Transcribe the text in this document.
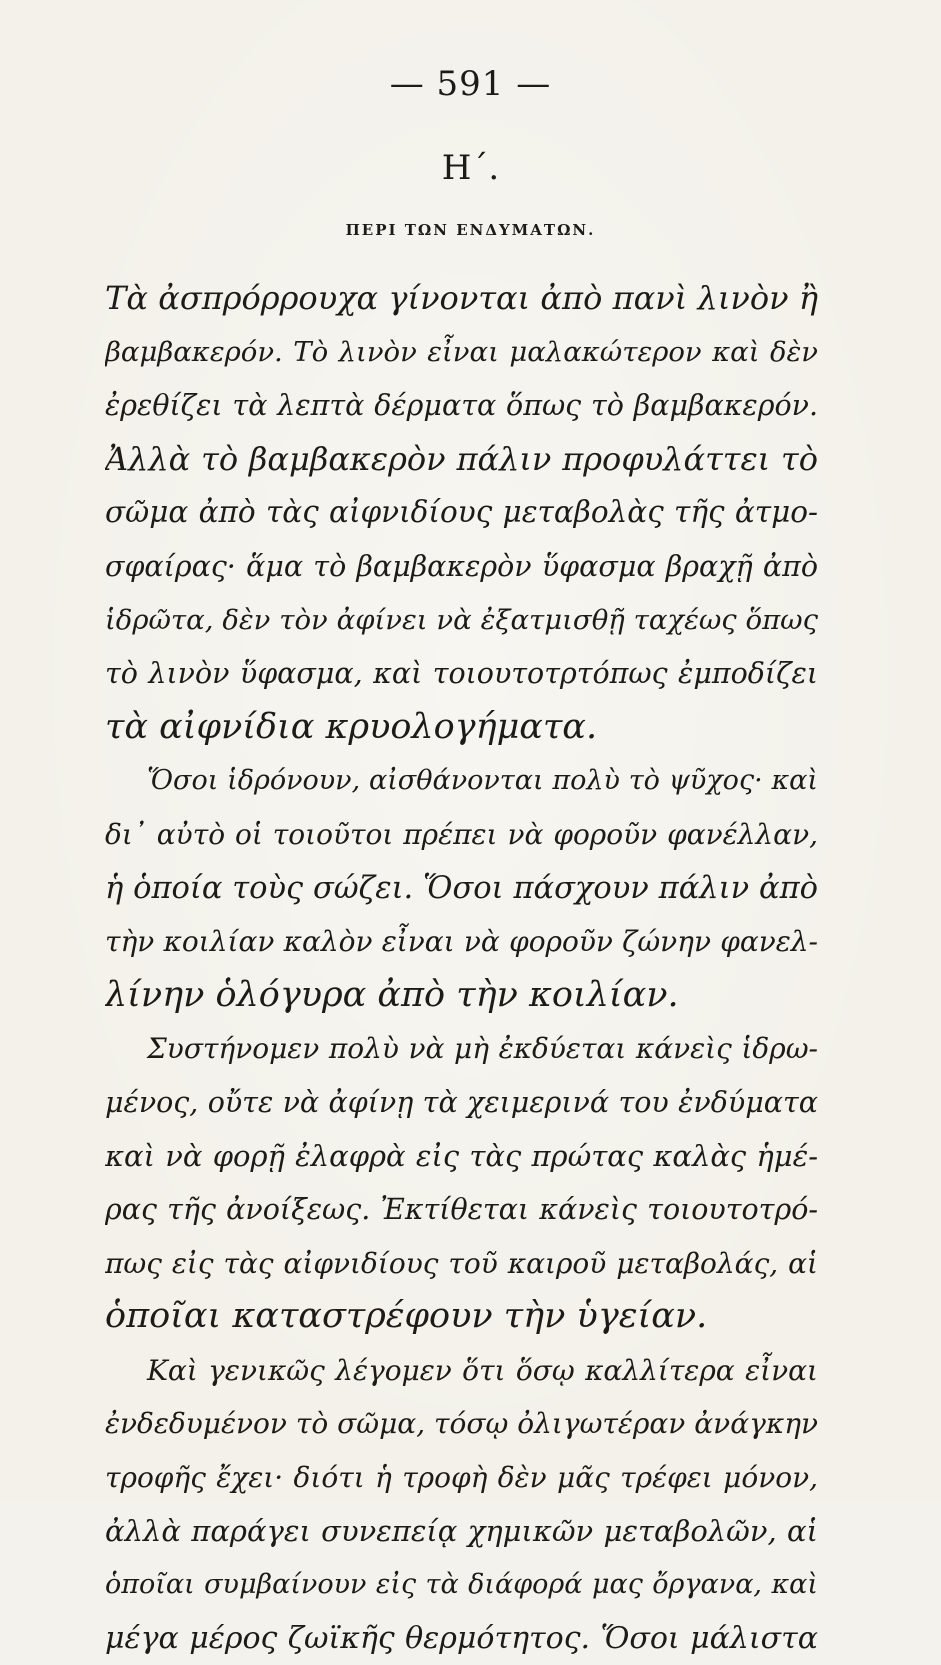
— 591 —
Η΄.
ΠΕΡΙ ΤΩΝ ΕΝΔΥΜΑΤΩΝ.
Τὰ ἀσπρόρρουχα γίνονται ἀπὸ πανὶ λινὸν ἢ
βαμβακερόν. Τὸ λινὸν εἶναι μαλακώτερον καὶ δὲν
ἐρεθίζει τὰ λεπτὰ δέρματα ὅπως τὸ βαμβακερόν.
Ἀλλὰ τὸ βαμβακερὸν πάλιν προφυλάττει τὸ
σῶμα ἀπὸ τὰς αἰφνιδίους μεταβολὰς τῆς ἀτμο-
σφαίρας· ἅμα τὸ βαμβακερὸν ὕφασμα βραχῇ ἀπὸ
ἱδρῶτα, δὲν τὸν ἀφίνει νὰ ἐξατμισθῇ ταχέως ὅπως
τὸ λινὸν ὕφασμα, καὶ τοιουτοτρτόπως ἐμποδίζει
τὰ αἰφνίδια κρυολογήματα.
Ὅσοι ἱδρόνουν, αἰσθάνονται πολὺ τὸ ψῦχος· καὶ
δι᾽ αὐτὸ οἱ τοιοῦτοι πρέπει νὰ φοροῦν φανέλλαν,
ἡ ὁποία τοὺς σώζει. Ὅσοι πάσχουν πάλιν ἀπὸ
τὴν κοιλίαν καλὸν εἶναι νὰ φοροῦν ζώνην φανελ-
λίνην ὁλόγυρα ἀπὸ τὴν κοιλίαν.
Συστήνομεν πολὺ νὰ μὴ ἐκδύεται κάνεὶς ἱδρω-
μένος, οὔτε νὰ ἀφίνῃ τὰ χειμερινά του ἐνδύματα
καὶ νὰ φορῇ ἐλαφρὰ εἰς τὰς πρώτας καλὰς ἡμέ-
ρας τῆς ἀνοίξεως. Ἐκτίθεται κάνεὶς τοιουτοτρό-
πως εἰς τὰς αἰφνιδίους τοῦ καιροῦ μεταβολάς, αἱ
ὁποῖαι καταστρέφουν τὴν ὑγείαν.
Καὶ γενικῶς λέγομεν ὅτι ὅσῳ καλλίτερα εἶναι
ἐνδεδυμένον τὸ σῶμα, τόσῳ ὀλιγωτέραν ἀνάγκην
τροφῆς ἔχει· διότι ἡ τροφὴ δὲν μᾶς τρέφει μόνον,
ἀλλὰ παράγει συνεπείᾳ χημικῶν μεταβολῶν, αἱ
ὁποῖαι συμβαίνουν εἰς τὰ διάφορά μας ὄργανα, καὶ
μέγα μέρος ζωϊκῆς θερμότητος. Ὅσοι μάλιστα
